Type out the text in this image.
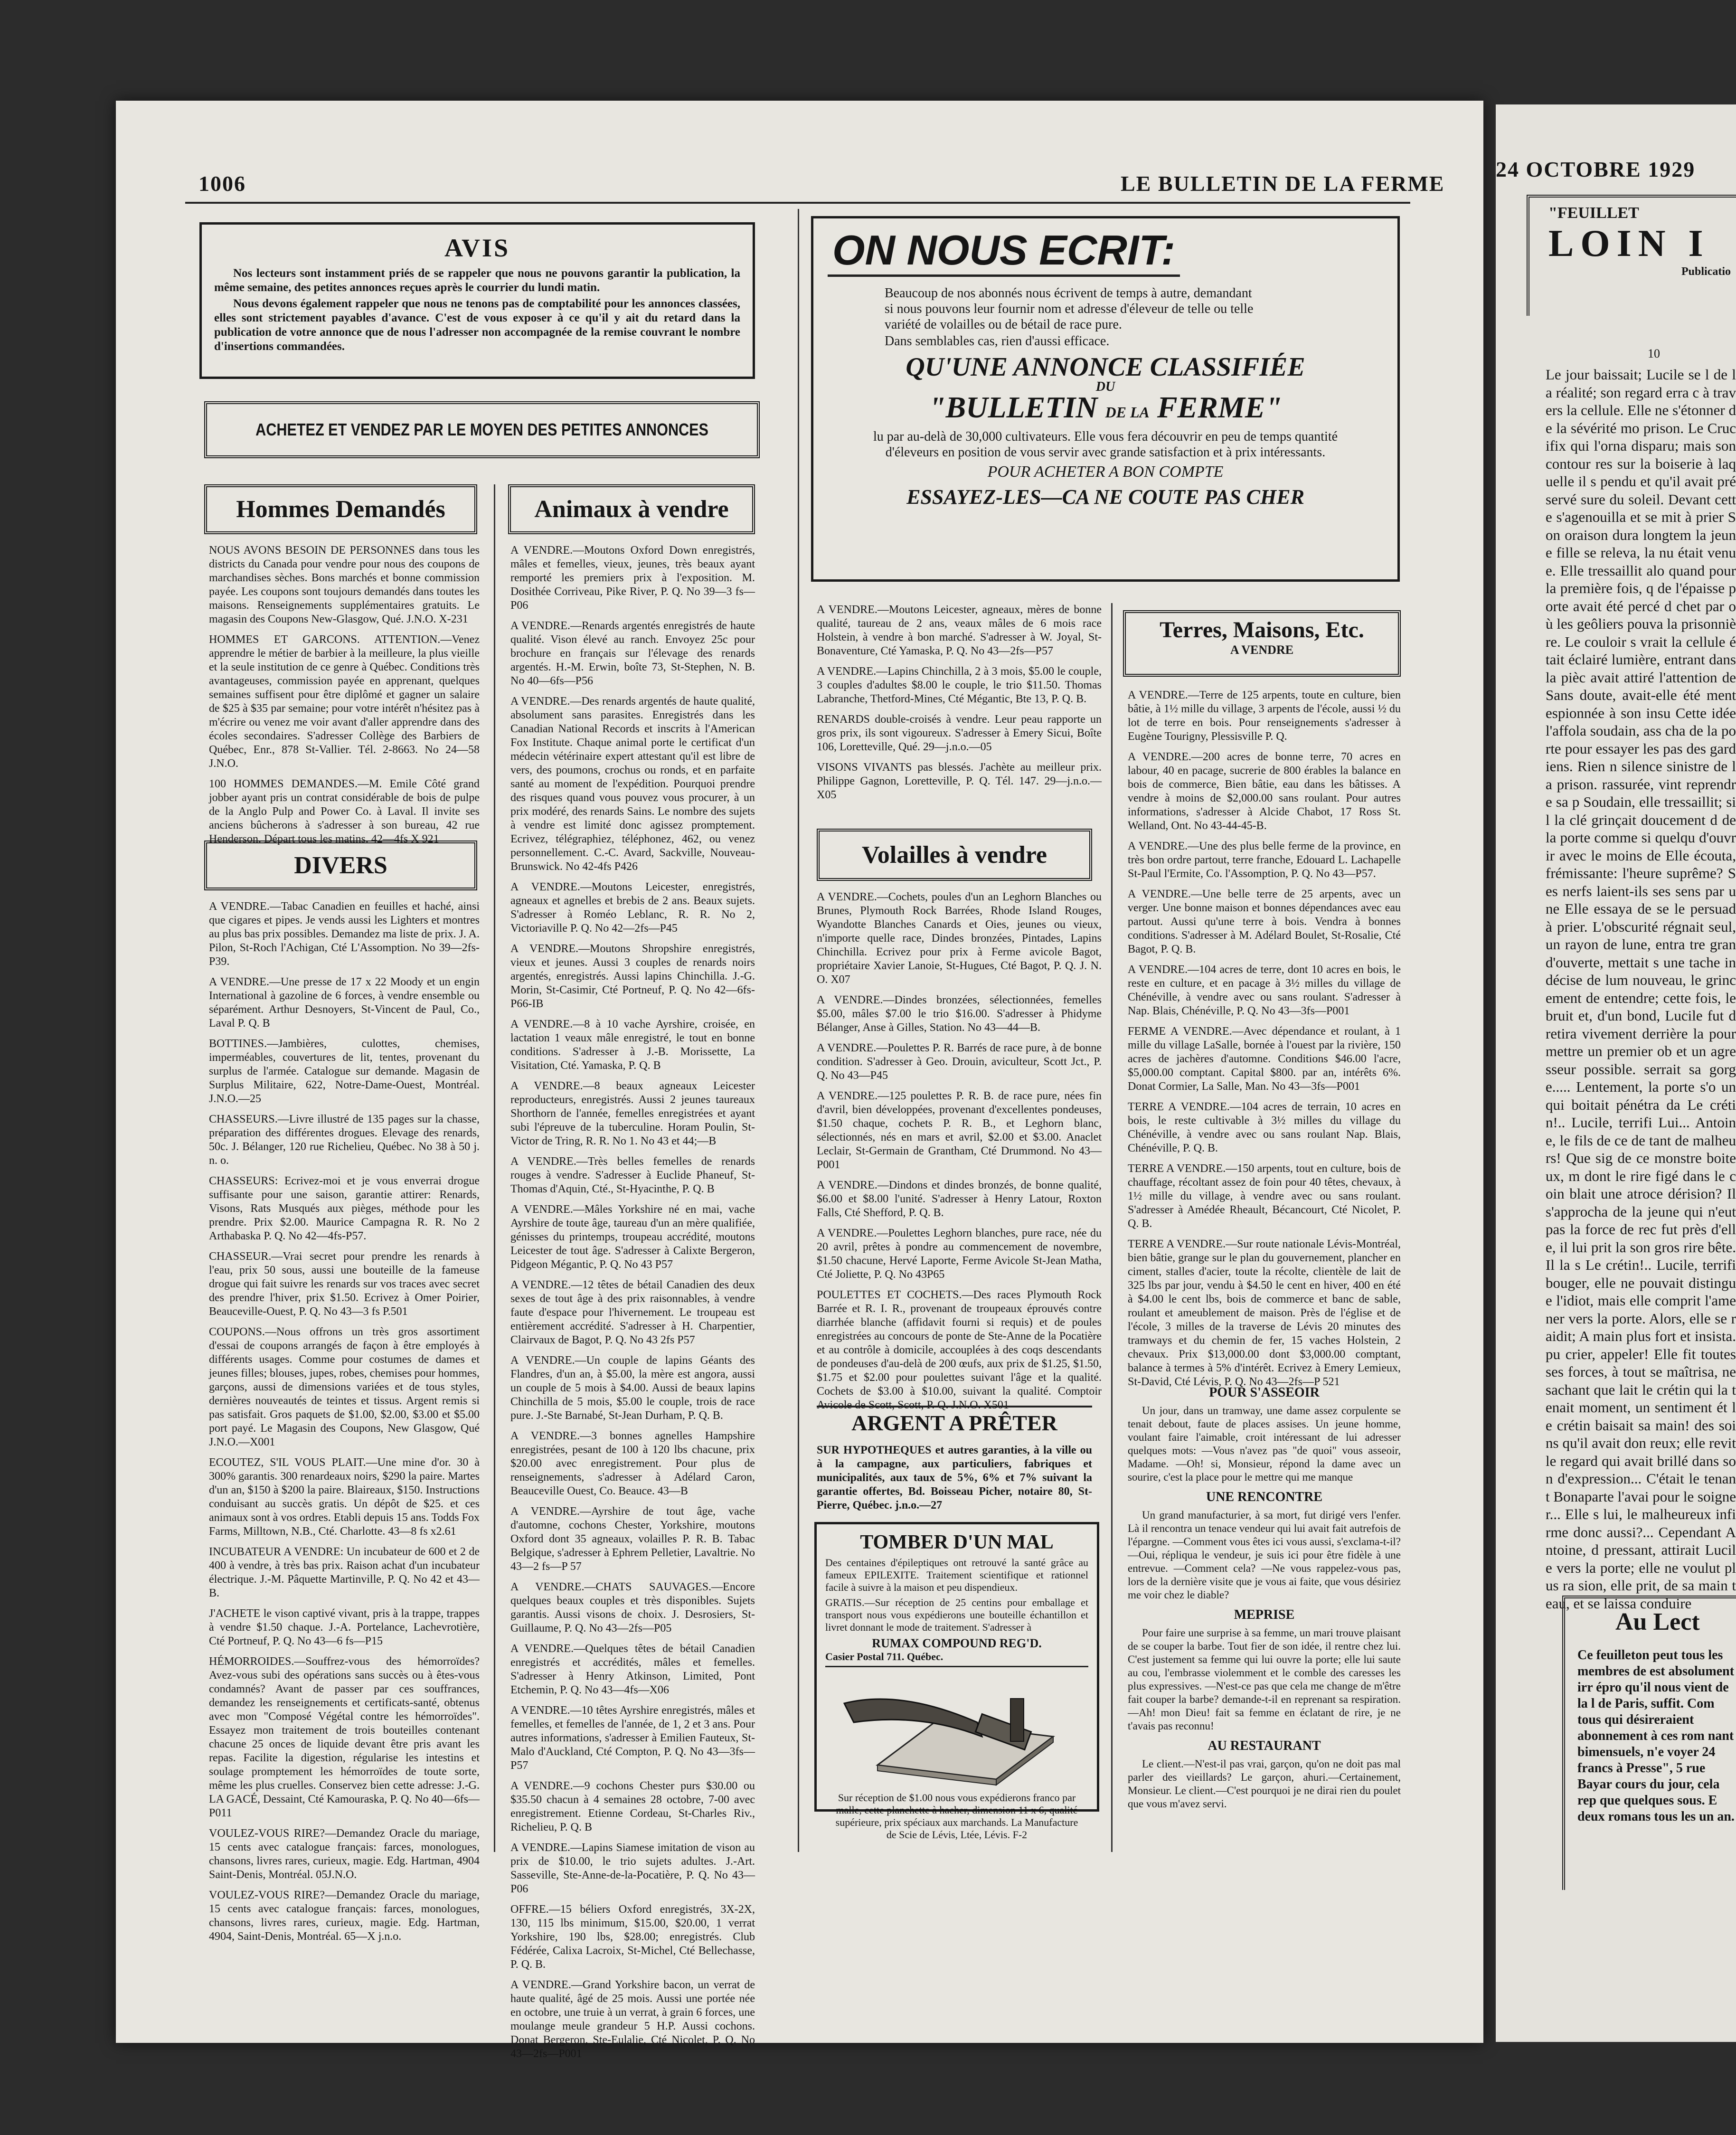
1006	LE BULLETIN DE LA FERME
AVIS

Nos lecteurs sont instamment priés de se rappeler que nous ne pouvons garantir la publication, la même semaine, des petites annonces reçues après le courrier du lundi matin.

Nous devons également rappeler que nous ne tenons pas de comptabilité pour les annonces classées, elles sont strictement payables d'avance. C'est de vous exposer à ce qu'il y ait du retard dans la publication de votre annonce que de nous l'adresser non accompagnée de la remise couvrant le nombre d'insertions commandées.

ACHETEZ ET VENDEZ PAR LE MOYEN DES PETITES ANNONCES
Hommes Demandés

NOUS AVONS BESOIN DE PERSONNES dans tous les districts du Canada pour vendre pour nous des coupons de marchandises sèches. Bons marchés et bonne commission payée. Les coupons sont toujours demandés dans toutes les maisons. Renseignements supplémentaires gratuits. Le magasin des Coupons New-Glasgow, Qué. J.N.O. X-231

HOMMES ET GARCONS. ATTENTION.—Venez apprendre le métier de barbier à la meilleure, la plus vieille et la seule institution de ce genre à Québec. Conditions très avantageuses, commission payée en apprenant, quelques semaines suffisent pour être diplômé et gagner un salaire de $25 à $35 par semaine; pour votre intérêt n'hésitez pas à m'écrire ou venez me voir avant d'aller apprendre dans des écoles secondaires. S'adresser Collège des Barbiers de Québec, Enr., 878 St-Vallier. Tél. 2-8663. No 24—58 J.N.O.

100 HOMMES DEMANDES.—M. Emile Côté grand jobber ayant pris un contrat considérable de bois de pulpe de la Anglo Pulp and Power Co. à Laval. Il invite ses anciens bûcherons à s'adresser à son bureau, 42 rue Henderson. Départ tous les matins. 42—4fs X 921

DIVERS

A VENDRE.—Tabac Canadien en feuilles et haché, ainsi que cigares et pipes. Je vends aussi les Lighters et montres au plus bas prix possibles. Demandez ma liste de prix. J. A. Pilon, St-Roch l'Achigan, Cté L'Assomption. No 39—2fs-P39.

A VENDRE.—Une presse de 17 x 22 Moody et un engin International à gazoline de 6 forces, à vendre ensemble ou séparément. Arthur Desnoyers, St-Vincent de Paul, Co., Laval P. Q. B

BOTTINES.—Jambières, culottes, chemises, imperméables, couvertures de lit, tentes, provenant du surplus de l'armée. Catalogue sur demande. Magasin de Surplus Militaire, 622, Notre-Dame-Ouest, Montréal. J.N.O.—25

CHASSEURS.—Livre illustré de 135 pages sur la chasse, préparation des différentes drogues. Elevage des renards, 50c. J. Bélanger, 120 rue Richelieu, Québec. No 38 à 50 j. n. o.

CHASSEURS: Ecrivez-moi et je vous enverrai drogue suffisante pour une saison, garantie attirer: Renards, Visons, Rats Musqués aux pièges, méthode pour les prendre. Prix $2.00. Maurice Campagna R. R. No 2 Arthabaska P. Q. No 42—4fs-P57.

CHASSEUR.—Vrai secret pour prendre les renards à l'eau, prix 50 sous, aussi une bouteille de la fameuse drogue qui fait suivre les renards sur vos traces avec secret des prendre l'hiver, prix $1.50. Ecrivez à Omer Poirier, Beauceville-Ouest, P. Q. No 43—3 fs P.501

COUPONS.—Nous offrons un très gros assortiment d'essai de coupons arrangés de façon à être employés à différents usages. Comme pour costumes de dames et jeunes filles; blouses, jupes, robes, chemises pour hommes, garçons, aussi de dimensions variées et de tous styles, dernières nouveautés de teintes et tissus. Argent remis si pas satisfait. Gros paquets de $1.00, $2.00, $3.00 et $5.00 port payé. Le Magasin des Coupons, New Glasgow, Qué J.N.O.—X001

ECOUTEZ, S'IL VOUS PLAIT.—Une mine d'or. 30 à 300% garantis. 300 renardeaux noirs, $290 la paire. Martes d'un an, $150 à $200 la paire. Blaireaux, $150. Instructions conduisant au succès gratis. Un dépôt de $25. et ces animaux sont à vos ordres. Etabli depuis 15 ans. Todds Fox Farms, Milltown, N.B., Cté. Charlotte. 43—8 fs x2.61

INCUBATEUR A VENDRE: Un incubateur de 600 et 2 de 400 à vendre, à très bas prix. Raison achat d'un incubateur électrique. J.-M. Pâquette Martinville, P. Q. No 42 et 43—B.

J'ACHETE le vison captivé vivant, pris à la trappe, trappes à vendre $1.50 chaque. J.-A. Portelance, Lachevrotière, Cté Portneuf, P. Q. No 43—6 fs—P15

HÉMORROIDES.—Souffrez-vous des hémorroïdes? Avez-vous subi des opérations sans succès ou à êtes-vous condamnés? Avant de passer par ces souffrances, demandez les renseignements et certificats-santé, obtenus avec mon "Composé Végétal contre les hémorroïdes". Essayez mon traitement de trois bouteilles contenant chacune 25 onces de liquide devant être pris avant les repas. Facilite la digestion, régularise les intestins et soulage promptement les hémorroïdes de toute sorte, même les plus cruelles. Conservez bien cette adresse: J.-G. LA GACÉ, Dessaint, Cté Kamouraska, P. Q. No 40—6fs—P011

VOULEZ-VOUS RIRE?—Demandez Oracle du mariage, 15 cents avec catalogue français: farces, monologues, chansons, livres rares, curieux, magie. Edg. Hartman, 4904 Saint-Denis, Montréal. 05J.N.O.

VOULEZ-VOUS RIRE?—Demandez Oracle du mariage, 15 cents avec catalogue français: farces, monologues, chansons, livres rares, curieux, magie. Edg. Hartman, 4904, Saint-Denis, Montréal. 65—X j.n.o.

Animaux à vendre

A VENDRE.—Moutons Oxford Down enregistrés, mâles et femelles, vieux, jeunes, très beaux ayant remporté les premiers prix à l'exposition. M. Dosithée Corriveau, Pike River, P. Q. No 39—3 fs—P06

A VENDRE.—Renards argentés enregistrés de haute qualité. Vison élevé au ranch. Envoyez 25c pour brochure en français sur l'élevage des renards argentés. H.-M. Erwin, boîte 73, St-Stephen, N. B. No 40—6fs—P56

A VENDRE.—Des renards argentés de haute qualité, absolument sans parasites. Enregistrés dans les Canadian National Records et inscrits à l'American Fox Institute. Chaque animal porte le certificat d'un médecin vétérinaire expert attestant qu'il est libre de vers, des poumons, crochus ou ronds, et en parfaite santé au moment de l'expédition. Pourquoi prendre des risques quand vous pouvez vous procurer, à un prix modéré, des renards Sains. Le nombre des sujets à vendre est limité donc agissez promptement. Ecrivez, télégraphiez, téléphonez, 462, ou venez personnellement. C.-C. Avard, Sackville, Nouveau-Brunswick. No 42-4fs P426

A VENDRE.—Moutons Leicester, enregistrés, agneaux et agnelles et brebis de 2 ans. Beaux sujets. S'adresser à Roméo Leblanc, R. R. No 2, Victoriaville P. Q. No 42—2fs—P45

A VENDRE.—Moutons Shropshire enregistrés, vieux et jeunes. Aussi 3 couples de renards noirs argentés, enregistrés. Aussi lapins Chinchilla. J.-G. Morin, St-Casimir, Cté Portneuf, P. Q. No 42—6fs-P66-IB

A VENDRE.—8 à 10 vache Ayrshire, croisée, en lactation 1 veaux mâle enregistré, le tout en bonne conditions. S'adresser à J.-B. Morissette, La Visitation, Cté. Yamaska, P. Q. B

A VENDRE.—8 beaux agneaux Leicester reproducteurs, enregistrés. Aussi 2 jeunes taureaux Shorthorn de l'année, femelles enregistrées et ayant subi l'épreuve de la tuberculine. Horam Poulin, St-Victor de Tring, R. R. No 1. No 43 et 44;—B

A VENDRE.—Très belles femelles de renards rouges à vendre. S'adresser à Euclide Phaneuf, St-Thomas d'Aquin, Cté., St-Hyacinthe, P. Q. B

A VENDRE.—Mâles Yorkshire né en mai, vache Ayrshire de toute âge, taureau d'un an mère qualifiée, génisses du printemps, troupeau accrédité, moutons Leicester de tout âge. S'adresser à Calixte Bergeron, Pidgeon Mégantic, P. Q. No 43 P57

A VENDRE.—12 têtes de bétail Canadien des deux sexes de tout âge à des prix raisonnables, à vendre faute d'espace pour l'hivernement. Le troupeau est entièrement accrédité. S'adresser à H. Charpentier, Clairvaux de Bagot, P. Q. No 43 2fs P57

A VENDRE.—Un couple de lapins Géants des Flandres, d'un an, à $5.00, la mère est angora, aussi un couple de 5 mois à $4.00. Aussi de beaux lapins Chinchilla de 5 mois, $5.00 le couple, trois de race pure. J.-Ste Barnabé, St-Jean Durham, P. Q. B.

A VENDRE.—3 bonnes agnelles Hampshire enregistrées, pesant de 100 à 120 lbs chacune, prix $20.00 avec enregistrement. Pour plus de renseignements, s'adresser à Adélard Caron, Beauceville Ouest, Co. Beauce. 43—B

A VENDRE.—Ayrshire de tout âge, vache d'automne, cochons Chester, Yorkshire, moutons Oxford dont 35 agneaux, volailles P. R. B. Tabac Belgique, s'adresser à Ephrem Pelletier, Lavaltrie. No 43—2 fs—P 57

A VENDRE.—CHATS SAUVAGES.—Encore quelques beaux couples et très disponibles. Sujets garantis. Aussi visons de choix. J. Desrosiers, St-Guillaume, P. Q. No 43—2fs—P05

A VENDRE.—Quelques têtes de bétail Canadien enregistrés et accrédités, mâles et femelles. S'adresser à Henry Atkinson, Limited, Pont Etchemin, P. Q. No 43—4fs—X06

A VENDRE.—10 têtes Ayrshire enregistrés, mâles et femelles, et femelles de l'année, de 1, 2 et 3 ans. Pour autres informations, s'adresser à Emilien Fauteux, St-Malo d'Auckland, Cté Compton, P. Q. No 43—3fs—P57

A VENDRE.—9 cochons Chester purs $30.00 ou $35.50 chacun à 4 semaines 28 octobre, 7-00 avec enregistrement. Etienne Cordeau, St-Charles Riv., Richelieu, P. Q. B

A VENDRE.—Lapins Siamese imitation de vison au prix de $10.00, le trio sujets adultes. J.-Art. Sasseville, Ste-Anne-de-la-Pocatière, P. Q. No 43—P06

OFFRE.—15 béliers Oxford enregistrés, 3X-2X, 130, 115 lbs minimum, $15.00, $20.00, 1 verrat Yorkshire, 190 lbs, $28.00; enregistrés. Club Fédérée, Calixa Lacroix, St-Michel, Cté Bellechasse, P. Q. B.

A VENDRE.—Grand Yorkshire bacon, un verrat de haute qualité, âgé de 25 mois. Aussi une portée née en octobre, une truie à un verrat, à grain 6 forces, une moulange meule grandeur 5 H.P. Aussi cochons. Donat Bergeron, Ste-Eulalie, Cté Nicolet, P. Q. No 43—2fs—P001

ON NOUS ECRIT:

Beaucoup de nos abonnés nous écrivent de temps à autre, demandant si nous pouvons leur fournir nom et adresse d'éleveur de telle ou telle variété de volailles ou de bétail de race pure.

Dans semblables cas, rien d'aussi efficace.

QU'UNE ANNONCE CLASSIFIÉE
DU
"BULLETIN DE LA FERME"

lu par au-delà de 30,000 cultivateurs. Elle vous fera découvrir en peu de temps quantité d'éleveurs en position de vous servir avec grande satisfaction et à prix intéressants.

POUR ACHETER A BON COMPTE
ESSAYEZ-LES—CA NE COUTE PAS CHER

A VENDRE.—Moutons Leicester, agneaux, mères de bonne qualité, taureau de 2 ans, veaux mâles de 6 mois race Holstein, à vendre à bon marché. S'adresser à W. Joyal, St-Bonaventure, Cté Yamaska, P. Q. No 43—2fs—P57

A VENDRE.—Lapins Chinchilla, 2 à 3 mois, $5.00 le couple, 3 couples d'adultes $8.00 le couple, le trio $11.50. Thomas Labranche, Thetford-Mines, Cté Mégantic, Bte 13, P. Q. B.

RENARDS double-croisés à vendre. Leur peau rapporte un gros prix, ils sont vigoureux. S'adresser à Emery Sicui, Boîte 106, Loretteville, Qué. 29—j.n.o.—05

VISONS VIVANTS pas blessés. J'achète au meilleur prix. Philippe Gagnon, Loretteville, P. Q. Tél. 147. 29—j.n.o.—X05

Volailles à vendre

A VENDRE.—Cochets, poules d'un an Leghorn Blanches ou Brunes, Plymouth Rock Barrées, Rhode Island Rouges, Wyandotte Blanches Canards et Oies, jeunes ou vieux, n'importe quelle race, Dindes bronzées, Pintades, Lapins Chinchilla. Ecrivez pour prix à Ferme avicole Bagot, propriétaire Xavier Lanoie, St-Hugues, Cté Bagot, P. Q. J. N. O. X07

A VENDRE.—Dindes bronzées, sélectionnées, femelles $5.00, mâles $7.00 le trio $16.00. S'adresser à Phidyme Bélanger, Anse à Gilles, Station. No 43—44—B.

A VENDRE.—Poulettes P. R. Barrés de race pure, à de bonne condition. S'adresser à Geo. Drouin, aviculteur, Scott Jct., P. Q. No 43—P45

A VENDRE.—125 poulettes P. R. B. de race pure, nées fin d'avril, bien développées, provenant d'excellentes pondeuses, $1.50 chaque, cochets P. R. B., et Leghorn blanc, sélectionnés, nés en mars et avril, $2.00 et $3.00. Anaclet Leclair, St-Germain de Grantham, Cté Drummond. No 43—P001

A VENDRE.—Dindons et dindes bronzés, de bonne qualité, $6.00 et $8.00 l'unité. S'adresser à Henry Latour, Roxton Falls, Cté Shefford, P. Q. B.

A VENDRE.—Poulettes Leghorn blanches, pure race, née du 20 avril, prêtes à pondre au commencement de novembre, $1.50 chacune, Hervé Laporte, Ferme Avicole St-Jean Matha, Cté Joliette, P. Q. No 43P65

POULETTES ET COCHETS.—Des races Plymouth Rock Barrée et R. I. R., provenant de troupeaux éprouvés contre diarrhée blanche (affidavit fourni si requis) et de poules enregistrées au concours de ponte de Ste-Anne de la Pocatière et au contrôle à domicile, accouplées à des coqs descendants de pondeuses d'au-delà de 200 œufs, aux prix de $1.25, $1.50, $1.75 et $2.00 pour poulettes suivant l'âge et la qualité. Cochets de $3.00 à $10.00, suivant la qualité. Comptoir Avicole de Scott, Scott, P. Q. J.N.O. X501

ARGENT A PRÊTER

SUR HYPOTHEQUES et autres garanties, à la ville ou à la campagne, aux particuliers, fabriques et municipalités, aux taux de 5%, 6% et 7% suivant la garantie offertes, Bd. Boisseau Picher, notaire 80, St-Pierre, Québec. j.n.o.—27

TOMBER D'UN MAL

Des centaines d'épileptiques ont retrouvé la santé grâce au fameux EPILEXITE. Traitement scientifique et rationnel facile à suivre à la maison et peu dispendieux.

GRATIS.—Sur réception de 25 centins pour emballage et transport nous vous expédierons une bouteille échantillon et livret donnant le mode de traitement. S'adresser à

RUMAX COMPOUND REG'D.
Casier Postal 711. Québec.

Sur réception de $1.00 nous vous expédierons franco par malle, cette planchette à hacher, dimension 11 x 6, qualité supérieure, prix spéciaux aux marchands. La Manufacture de Scie de Lévis, Ltée, Lévis. F-2

Terres, Maisons, Etc.
A VENDRE

A VENDRE.—Terre de 125 arpents, toute en culture, bien bâtie, à 1½ mille du village, 3 arpents de l'école, aussi ½ du lot de terre en bois. Pour renseignements s'adresser à Eugène Tourigny, Plessisville P. Q.

A VENDRE.—200 acres de bonne terre, 70 acres en labour, 40 en pacage, sucrerie de 800 érables la balance en bois de commerce, Bien bâtie, eau dans les bâtisses. A vendre à moins de $2,000.00 sans roulant. Pour autres informations, s'adresser à Alcide Chabot, 17 Ross St. Welland, Ont. No 43-44-45-B.

A VENDRE.—Une des plus belle ferme de la province, en très bon ordre partout, terre franche, Edouard L. Lachapelle St-Paul l'Ermite, Co. l'Assomption, P. Q. No 43—P57.

A VENDRE.—Une belle terre de 25 arpents, avec un verger. Une bonne maison et bonnes dépendances avec eau partout. Aussi qu'une terre à bois. Vendra à bonnes conditions. S'adresser à M. Adélard Boulet, St-Rosalie, Cté Bagot, P. Q. B.

A VENDRE.—104 acres de terre, dont 10 acres en bois, le reste en culture, et en pacage à 3½ milles du village de Chénéville, à vendre avec ou sans roulant. S'adresser à Nap. Blais, Chénéville, P. Q. No 43—3fs—P001

FERME A VENDRE.—Avec dépendance et roulant, à 1 mille du village LaSalle, bornée à l'ouest par la rivière, 150 acres de jachères d'automne. Conditions $46.00 l'acre, $5,000.00 comptant. Capital $800. par an, intérêts 6%. Donat Cormier, La Salle, Man. No 43—3fs—P001

TERRE A VENDRE.—104 acres de terrain, 10 acres en bois, le reste cultivable à 3½ milles du village du Chénéville, à vendre avec ou sans roulant Nap. Blais, Chénéville, P. Q. B.

TERRE A VENDRE.—150 arpents, tout en culture, bois de chauffage, récoltant assez de foin pour 40 têtes, chevaux, à 1½ mille du village, à vendre avec ou sans roulant. S'adresser à Amédée Rheault, Bécancourt, Cté Nicolet, P. Q. B.

TERRE A VENDRE.—Sur route nationale Lévis-Montréal, bien bâtie, grange sur le plan du gouvernement, plancher en ciment, stalles d'acier, toute la récolte, clientèle de lait de 325 lbs par jour, vendu à $4.50 le cent en hiver, 400 en été à $4.00 le cent lbs, bois de commerce et banc de sable, roulant et ameublement de maison. Près de l'église et de l'école, 3 milles de la traverse de Lévis 20 minutes des tramways et du chemin de fer, 15 vaches Holstein, 2 chevaux. Prix $13,000.00 dont $3,000.00 comptant, balance à termes à 5% d'intérêt. Ecrivez à Emery Lemieux, St-David, Cté Lévis, P. Q. No 43—2fs—P 521

POUR S'ASSEOIR

Un jour, dans un tramway, une dame assez corpulente se tenait debout, faute de places assises. Un jeune homme, voulant faire l'aimable, croit intéressant de lui adresser quelques mots: —Vous n'avez pas "de quoi" vous asseoir, Madame. —Oh! si, Monsieur, répond la dame avec un sourire, c'est la place pour le mettre qui me manque

UNE RENCONTRE

Un grand manufacturier, à sa mort, fut dirigé vers l'enfer. Là il rencontra un tenace vendeur qui lui avait fait autrefois de l'épargne. —Comment vous êtes ici vous aussi, s'exclama-t-il? —Oui, répliqua le vendeur, je suis ici pour être fidèle à une entrevue. —Comment cela? —Ne vous rappelez-vous pas, lors de la dernière visite que je vous ai faite, que vous désiriez me voir chez le diable?

MEPRISE

Pour faire une surprise à sa femme, un mari trouve plaisant de se couper la barbe. Tout fier de son idée, il rentre chez lui. C'est justement sa femme qui lui ouvre la porte; elle lui saute au cou, l'embrasse violemment et le comble des caresses les plus expressives. —N'est-ce pas que cela me change de m'être fait couper la barbe? demande-t-il en reprenant sa respiration. —Ah! mon Dieu! fait sa femme en éclatant de rire, je ne t'avais pas reconnu!

AU RESTAURANT

Le client.—N'est-il pas vrai, garçon, qu'on ne doit pas mal parler des vieillards? Le garçon, ahuri.—Certainement, Monsieur. Le client.—C'est pourquoi je ne dirai rien du poulet que vous m'avez servi.

24 OCTOBRE 1929
"FEUILLET
LOIN I
Publicatio
10
Le jour baissait; Lucile se l de la réalité; son regard erra c à travers la cellule. Elle ne s'étonner de la sévérité mo prison. Le Crucifix qui l'orna disparu; mais son contour res sur la boiserie à laquelle il s pendu et qu'il avait préservé sure du soleil. Devant cette s'agenouilla et se mit à prier Son oraison dura longtem la jeune fille se releva, la nu était venue. Elle tressaillit alo quand pour la première fois, q de l'épaisse porte avait été percé d chet par où les geôliers pouva la prisonnière. Le couloir s vrait la cellule était éclairé lumière, entrant dans la pièc avait attiré l'attention de Sans doute, avait-elle été ment espionnée à son insu Cette idée l'affola soudain, ass cha de la porte pour essayer les pas des gardiens. Rien n silence sinistre de la prison. rassurée, vint reprendre sa p Soudain, elle tressaillit; si l la clé grinçait doucement d de la porte comme si quelqu d'ouvrir avec le moins de Elle écouta, frémissante: l'heure suprême? Ses nerfs laient-ils ses sens par une Elle essaya de se le persuad à prier. L'obscurité régnait seul, un rayon de lune, entra tre grand'ouverte, mettait s une tache indécise de lum nouveau, le grincement de entendre; cette fois, le bruit et, d'un bond, Lucile fut d retira vivement derrière la pour mettre un premier ob et un agresseur possible. serrait sa gorge..... Lentement, la porte s'o un qui boitait pénétra da Le crétin!.. Lucile, terrifi Lui... Antoine, le fils de ce de tant de malheurs! Que sig de ce monstre boiteux, m dont le rire figé dans le coin blait une atroce dérision? Il s'approcha de la jeune qui n'eut pas la force de rec fut près d'elle, il lui prit la son gros rire bête. Il la s Le crétin!.. Lucile, terrifi bouger, elle ne pouvait distingue l'idiot, mais elle comprit l'amener vers la porte. Alors, elle se raidit; A main plus fort et insista. pu crier, appeler! Elle fit toutes ses forces, à tout se maîtrisa, ne sachant que lait le crétin qui la tenait moment, un sentiment ét le crétin baisait sa main! des soins qu'il avait don reux; elle revit le regard qui avait brillé dans son d'expression... C'était le tenant Bonaparte l'avai pour le soigner... Elle s lui, le malheureux infirme donc aussi?... Cependant Antoine, d pressant, attirait Lucile vers la porte; elle ne voulut plus ra sion, elle prit, de sa main teau, et se laissa conduire
Au Lect

Ce feuilleton peut tous les membres de est absolument irr épro qu'il nous vient de la l de Paris, suffit. Com tous qui désireraient abonnement à ces rom nant bimensuels, n'e voyer 24 francs à Presse", 5 rue Bayar cours du jour, cela rep que quelques sous. E deux romans tous les un an.
